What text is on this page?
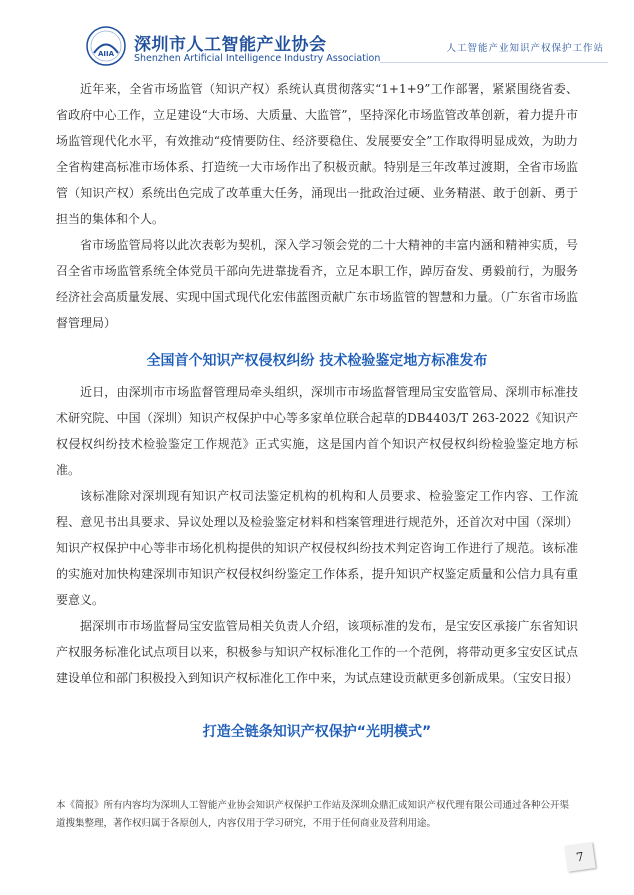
AIIA 深圳市人工智能产业协会
Shenzhen Artificial Intelligence Industry Association
人工智能产业知识产权保护工作站

近年来，全省市场监管（知识产权）系统认真贯彻落实“1+1+9”工作部署，紧紧围绕省委、省政府中心工作，立足建设“大市场、大质量、大监管”，坚持深化市场监管改革创新，着力提升市场监管现代化水平，有效推动“疫情要防住、经济要稳住、发展要安全”工作取得明显成效，为助力全省构建高标准市场体系、打造统一大市场作出了积极贡献。特别是三年改革过渡期，全省市场监管（知识产权）系统出色完成了改革重大任务，涌现出一批政治过硬、业务精湛、敢于创新、勇于担当的集体和个人。

省市场监管局将以此次表彰为契机，深入学习领会党的二十大精神的丰富内涵和精神实质，号召全省市场监管系统全体党员干部向先进靠拢看齐，立足本职工作，踔厉奋发、勇毅前行，为服务经济社会高质量发展、实现中国式现代化宏伟蓝图贡献广东市场监管的智慧和力量。（广东省市场监督管理局）

全国首个知识产权侵权纠纷 技术检验鉴定地方标准发布

近日，由深圳市市场监督管理局牵头组织，深圳市市场监督管理局宝安监管局、深圳市标准技术研究院、中国（深圳）知识产权保护中心等多家单位联合起草的DB4403/T 263-2022《知识产权侵权纠纷技术检验鉴定工作规范》正式实施，这是国内首个知识产权侵权纠纷检验鉴定地方标准。

该标准除对深圳现有知识产权司法鉴定机构的机构和人员要求、检验鉴定工作内容、工作流程、意见书出具要求、异议处理以及检验鉴定材料和档案管理进行规范外，还首次对中国（深圳）知识产权保护中心等非市场化机构提供的知识产权侵权纠纷技术判定咨询工作进行了规范。该标准的实施对加快构建深圳市知识产权侵权纠纷鉴定工作体系，提升知识产权鉴定质量和公信力具有重要意义。

据深圳市市场监督局宝安监管局相关负责人介绍，该项标准的发布，是宝安区承接广东省知识产权服务标准化试点项目以来，积极参与知识产权标准化工作的一个范例，将带动更多宝安区试点建设单位和部门积极投入到知识产权标准化工作中来，为试点建设贡献更多创新成果。（宝安日报）

打造全链条知识产权保护“光明模式”
本《简报》所有内容均为深圳人工智能产业协会知识产权保护工作站及深圳众鼎汇成知识产权代理有限公司通过各种公开渠道搜集整理，著作权归属于各原创人，内容仅用于学习研究，不用于任何商业及营利用途。
7
